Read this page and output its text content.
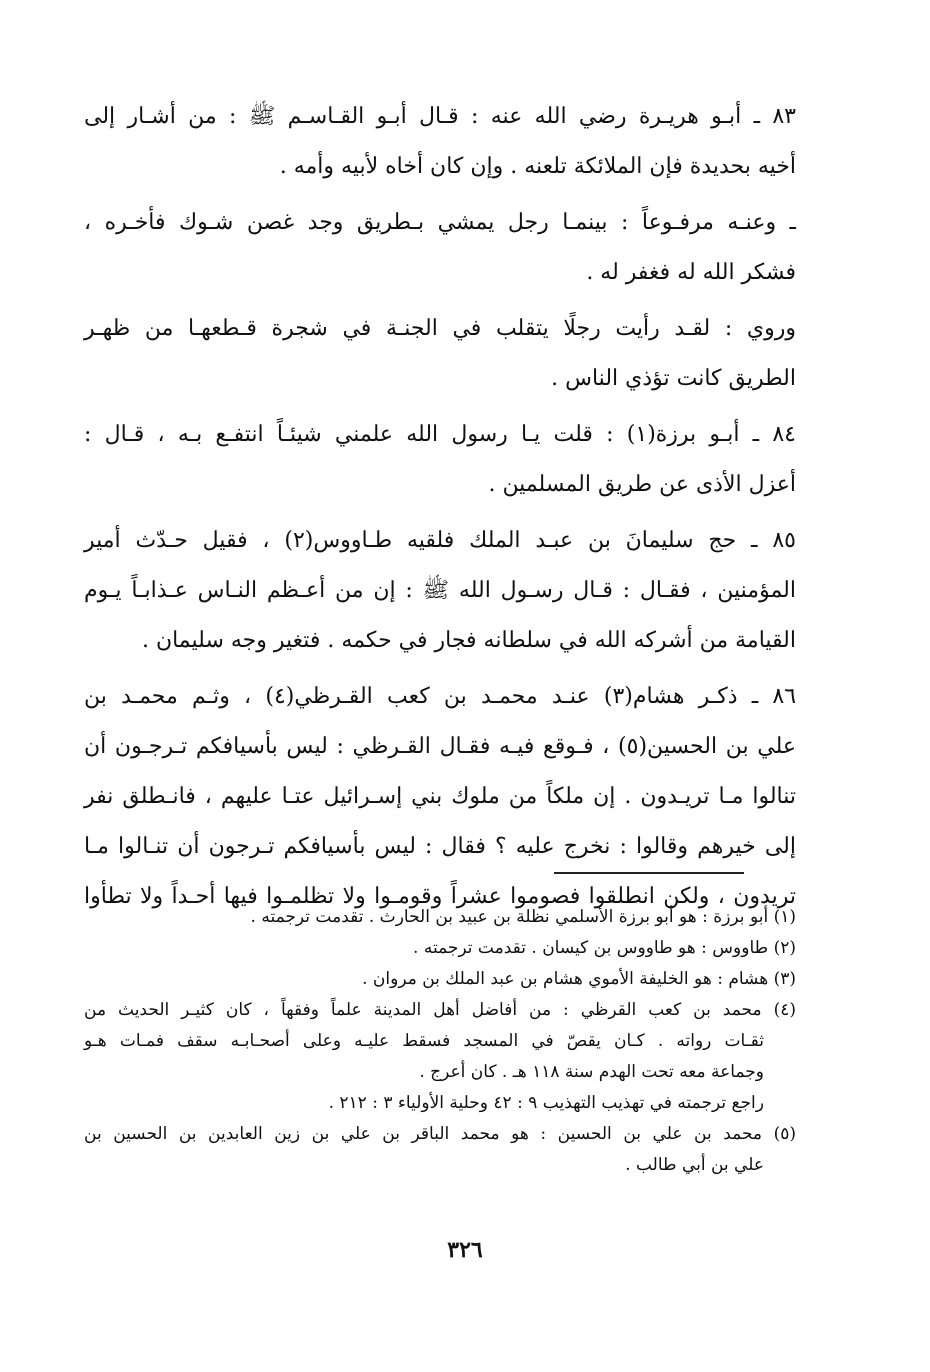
٨٣ ـ أبـو هريـرة رضي الله عنه : قـال أبـو القـاسـم ﷺ : من أشـار إلى
أخيه بحديدة فإن الملائكة تلعنه . وإن كان أخاه لأبيه وأمه .

ـ وعنـه مرفـوعاً : بينمـا رجل يمشي بـطريق وجد غصن شـوك فأخـره ،
فشكر الله له فغفر له .

وروي : لقـد رأيت رجلًا يتقلب في الجنـة في شجرة قـطعهـا من ظهـر
الطريق كانت تؤذي الناس .

٨٤ ـ أبـو برزة(١) : قلت يـا رسول الله علمني شيئـاً انتفـع بـه ، قـال :
أعزل الأذى عن طريق المسلمين .

٨٥ ـ حج سليمانَ بن عبـد الملك فلقيه طـاووس(٢) ، فقيل حـدّث أمير
المؤمنين ، فقـال : قـال رسـول الله ﷺ : إن من أعـظم النـاس عـذابـاً يـوم
القيامة من أشركه الله في سلطانه فجار في حكمه . فتغير وجه سليمان .

٨٦ ـ ذكـر هشام(٣) عنـد محمـد بن كعب القـرظي(٤) ، وثـم محمـد بن
علي بن الحسين(٥) ، فـوقع فيـه فقـال القـرظي : ليس بأسيافكم تـرجـون أن
تنالوا مـا تريـدون . إن ملكاً من ملوك بني إسـرائيل عتـا عليهم ، فانـطلق نفر
إلى خيرهم وقالوا : نخرج عليه ؟ فقال : ليس بأسيافكم تـرجون أن تنـالوا مـا
تريدون ، ولكن انطلقوا فصوموا عشراً وقومـوا ولا تظلمـوا فيها أحـداً ولا تطأوا

(١) أبو برزة : هو أبو برزة الأسلمي نظلة بن عبيد بن الحارث . تقدمت ترجمته .
(٢) طاووس : هو طاووس بن كيسان . تقدمت ترجمته .
(٣) هشام : هو الخليفة الأموي هشام بن عبد الملك بن مروان .
(٤) محمد بن كعب القرظي : من أفاضل أهل المدينة علماً وفقهاً ، كان كثيـر الحديث من
ثقـات رواته . كـان يقصّ في المسجد فسقط عليـه وعلى أصحـابـه سقف فمـات هـو
وجماعة معه تحت الهدم سنة ١١٨ هـ . كان أعرج .
راجع ترجمته في تهذيب التهذيب ٩ : ٤٢ وحلية الأولياء ٣ : ٢١٢ .
(٥) محمد بن علي بن الحسين : هو محمد الباقر بن علي بن زين العابدين بن الحسين بن
علي بن أبي طالب .
٣٢٦
